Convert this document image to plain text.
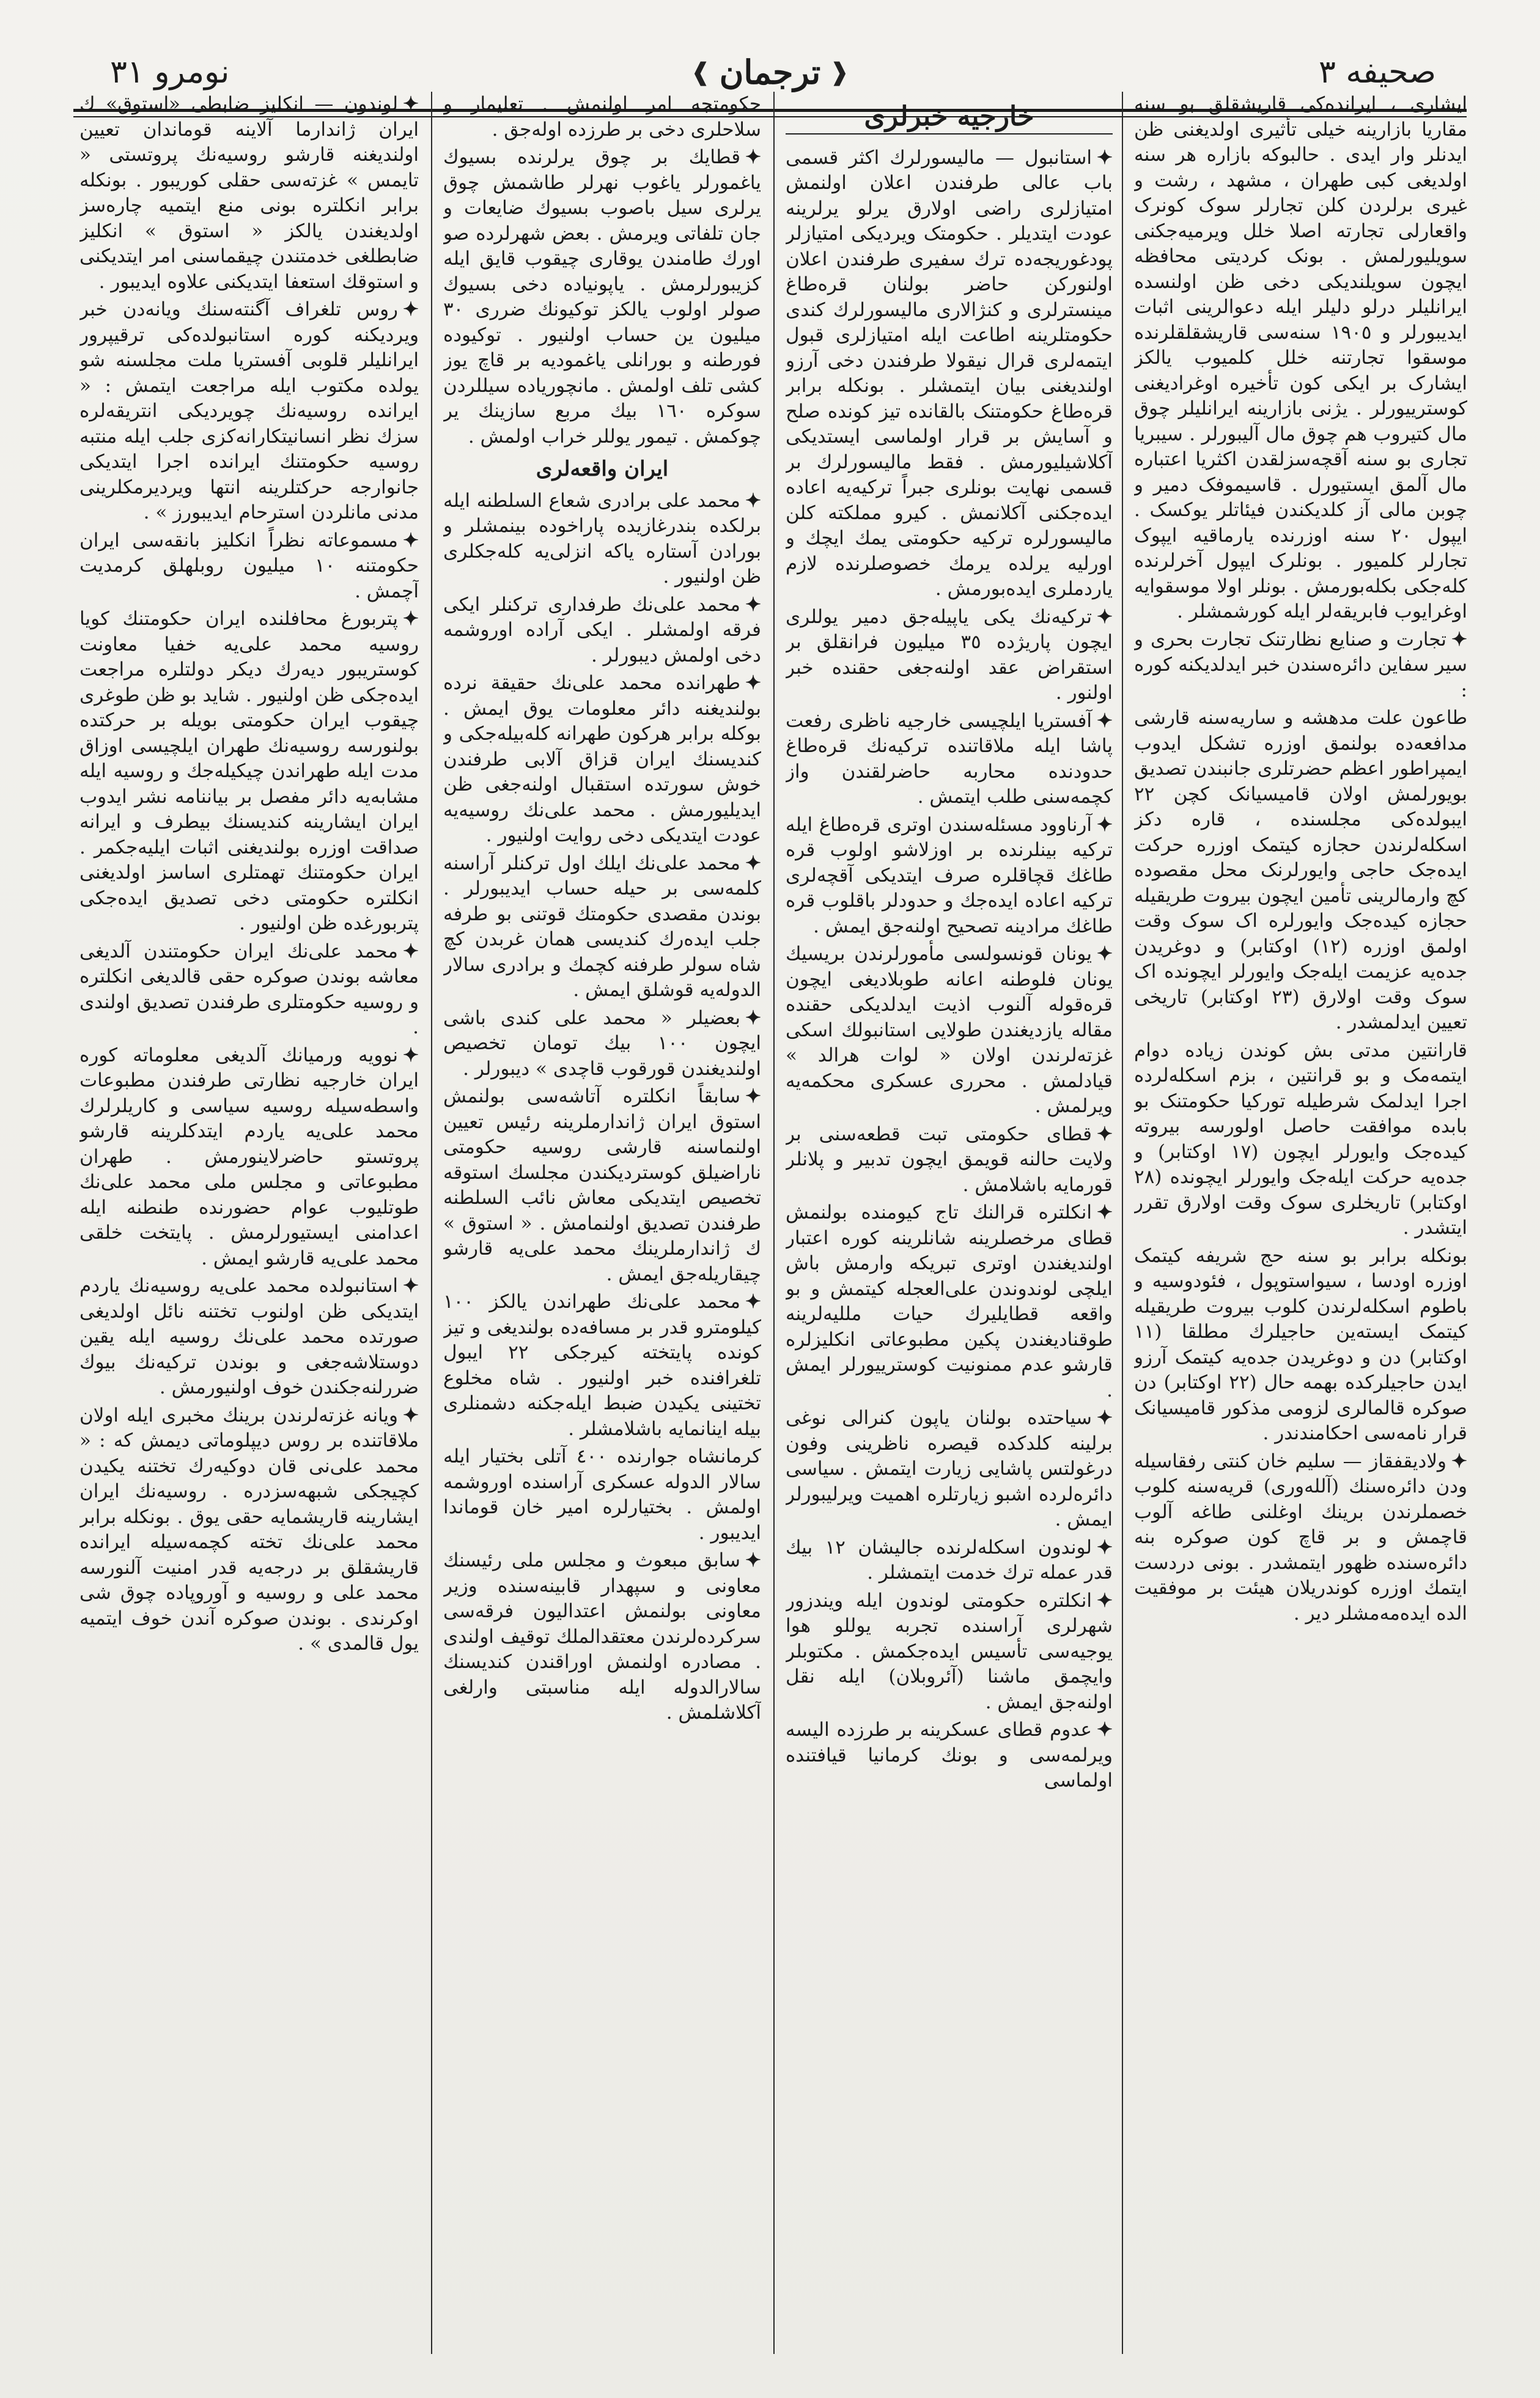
نومرو ٣١	❰ ترجمان ❱	صحیفه ٣

ایشاری ، ایرانده‌کی قاریشقلق بو سنه مقاریا بازارینه خیلی تأثیری اولدیغنی ظن ایدنلر وار ایدی . حالبوکه بازاره هر سنه اولدیغی کبی طهران ، مشهد ، رشت و غیری برلردن کلن تجارلر سوک کونرک واقعارلی تجارته اصلا خلل ویرمیه‌جکنی سویلیورلمش . بونک کردیتی محافظه ایچون سویلندیکی دخی ظن اولنسده ایرانلیلر درلو دلیلر ایله دعوالرینی اثبات ایدیبورلر و ١٩٠٥ سنه‌سی قاریشقلقلرنده موسقوا تجارتنه خلل کلمیوب یالکز ایشارک بر ایکی کون تأخیره اوغرادیغنی کوسترییورلر . یژنی بازارینه ایرانلیلر چوق مال کتیروب هم چوق مال آلیبورلر . سیبریا تجاری بو سنه آقچه‌سزلقدن اکثریا اعتباره مال آلمق ایستیورل . قاسیموفک دمیر و چوبن مالی آز کلدیکندن فیئاتلر یوکسک . ایپول ٢٠ سنه اوزرنده یارماقیه ایپوک تجارلر کلمیور . بونلرک ایپول آخرلرنده کله‌جکی بکله‌بورمش . بونلر اولا موسقوایه اوغرایوب فابریقه‌لر ایله کورشمشلر .

✦تجارت و صنایع نظارتنک تجارت بحری و سیر سفاین دائره‌سندن خبر ایدلدیکنه کوره :

طاعون علت مدهشه و ساریه‌سنه قارشی مدافعه‌ده بولنمق اوزره تشکل ایدوب ایمپراطور اعظم حضرتلری جانبندن تصدیق بویورلمش اولان قامیسیانک کچن ٢٢ ایبولده‌کی مجلسنده ، قاره دکز اسکله‌لرندن حجازه کیتمک اوزره حرکت ایده‌جک حاجی وایورلرنک محل مقصوده کچ وارمالرینی تأمین ایچون بیروت طریقیله حجازه کیده‌جک وایورلره اک سوک وقت اولمق اوزره (١٢) اوکتابر) و دوغریدن جده‌یه عزیمت ایله‌جک وایورلر ایچونده اک سوک وقت اولارق (٢٣ اوکتابر) تاریخی تعیین ایدلمشدر .

قارانتین مدتی بش کوندن زیاده دوام ایتمه‌مک و بو قرانتین ، بزم اسکله‌لرده اجرا ایدلمک شرطیله توركیا حکومتنک بو بابده موافقت حاصل اولورسه بیروته کیده‌جک وایورلر ایچون (١٧ اوکتابر) و جده‌یه حرکت ایله‌جک وایورلر ایچونده (٢٨ اوکتابر) تاریخلری سوک وقت اولارق تقرر ایتشدر .

بونکله برابر بو سنه حج شریفه کیتمک اوزره اودسا ، سیواستوپول ، فئودوسیه و باطوم اسکله‌لرندن کلوب بیروت طریقیله کیتمک ایستەین حاجیلرك مطلقا (١١ اوکتابر) دن و دوغریدن جده‌یه کیتمک آرزو ایدن حاجیلرکده بهمه حال (٢٢ اوکتابر) دن صوکره قالمالری لزومی مذکور قامیسیانک قرار نامه‌سی احکامندندر .

✦ولادیقفقاز — سلیم خان کنتی رفقاسیله ودن دائره‌سنك (آلله‌وری) قریه‌سنه کلوب خصملرندن برینك اوغلنی طاغه آلوب قاچمش و بر قاچ کون صوکره بنه دائره‌سنده ظهور ایتمشدر . بونی دردست ایتمك اوزره کوندریلان هیئت بر موفقیت الده ایده‌مه‌مشلر دیر .

خارجیه خبرلری

✦استانبول — مالیسورلرك اكثر قسمی باب عالی طرفندن اعلان اولنمش امتیازلری راضی اولارق یرلو یرلرینه عودت ایتدیلر . حکومتک ویردیکی امتیازلر پودغوریجه‌ده ترك سفیری طرفندن اعلان اولنورکن حاضر بولنان قره‌طاغ مینسترلری و کنژالاری مالیسورلرك کندی حکومتلرینه اطاعت ایله امتیازلری قبول ایتمه‌لری قرال نیقولا طرفندن دخی آرزو اولندیغنی بیان ایتمشلر . بونکله برابر قره‌طاغ حکومتنک بالقانده تیز کونده صلح و آسایش بر قرار اولماسی ایستدیکی آکلاشیلیورمش . فقط مالیسورلرك بر قسمی نهایت بونلری جبراً ترکیه‌یه اعاده ایدەجکنی آکلانمش . کیرو مملکته کلن مالیسورلره ترکیه حکومتی یمك ایچك و اورلیه یرلده یرمك خصوصلرنده لازم یاردملری ایده‌بورمش .

✦ترکیه‌نك یکی یاپیله‌جق دمیر یوللری ایچون پاریژده ٣٥ میلیون فرانقلق بر استقراض عقد اولنه‌جغی حقنده خبر اولنور .

✦آفستریا ایلچیسی خارجیه ناظری رفعت پاشا ایله ملاقاتنده ترکیه‌نك قره‌طاغ حدودنده محاربه حاضرلقندن واز کچمه‌سنی طلب ایتمش .

✦آرناوود مسئله‌سندن اوتری قره‌طاغ ایله ترکیه بینلرنده بر اوزلاشو اولوب قره طاغك قچاقلره صرف ایتدیکی آقچه‌لری ترکیه اعاده ایده‌جك و حدودلر باقلوب قره طاغك مرادینه تصحیح اولنه‌جق ایمش .

✦یونان قونسولسی مأمورلرندن بریسیك یونان فلوطنه اعانه طوبلادیغی ایچون قره‌قوله آلنوب اذیت ایدلدیکی حقنده مقاله یازدیغندن طولایی استانبولك اسکی غزته‌لرندن اولان « لوات هرالد » قیادلمش . محرری عسکری محکمه‌یه ویرلمش .

✦قطای حکومتی تبت قطعه‌سنی بر ولایت حالنه قویمق ایچون تدبیر و پلانلر قورمایه باشلامش .

✦انکلتره قرالنك تاج کیومنده بولنمش قطای مرخصلرینه شانلرینه کوره اعتبار اولندیغندن اوتری تبریکه وارمش باش ایلچی لوندوندن علی‌العجله کیتمش و بو واقعه قطایلیرك حیات مللیه‌لرینه طوقنادیغندن پکین مطبوعاتی انکلیزلره قارشو عدم ممنونیت کوسترییورلر ایمش .

✦سیاحتده بولنان یاپون کنرالی نوغی برلینه کلدکده قیصره ناظرینی وفون درغولتس پاشایی زیارت ایتمش . سیاسی دائره‌لرده اشبو زیارتلره اهمیت ویرلیبورلر ایمش .

✦لوندون اسکله‌لرنده جالیشان ١٢ بیك قدر عمله ترك خدمت ایتمشلر .

✦انکلتره حکومتی لوندون ایله ویندزور شهرلری آراسنده تجربه یوللو هوا یوجیه‌سی تأسیس ایده‌جکمش . مکتوبلر وایچمق ماشنا (آئروبلان) ایله نقل اولنه‌جق ایمش .

✦عدوم قطای عسکرینه بر طرزده الیسه ویرلمه‌سی و بونك کرمانیا قیافتنده اولماسی

حکومتجه امر اولنمش . تعلیمار و سلاحلری دخی بر طرزده اوله‌جق .

✦قطایك بر چوق یرلرنده بسیوك یاغمورلر یاغوب نهرلر طاشمش چوق یرلری سیل باصوب بسیوك ضایعات و جان تلفاتی ویرمش . بعض شهرلرده صو اورك طامندن یوقاری چیقوب قایق ایله کزیبورلرمش . یاپونیاده دخی بسیوك صولر اولوب یالکز توکیونك ضرری ٣٠ میلیون ین حساب اولنیور . توکیوده فورطنه و بورانلی یاغمودیه بر قاچ یوز کشی تلف اولمش . مانچوریاده سیللردن سوکره ١٦٠ بیك مربع سازینك یر چوکمش . تیمور یوللر خراب اولمش .

ایران واقعه‌لری

✦محمد علی برادری شعاع السلطنه ایله برلکده بندرغازیده پاراخوده بینمشلر و بورادن آستاره یاکه انزلی‌یه کله‌جکلری ظن اولنیور .

✦محمد علی‌نك طرفداری ترکنلر ایکی فرقه اولمشلر . ایکی آراده اوروشمه دخی اولمش دیبورلر .

✦طهرانده محمد علی‌نك حقیقة نرده بولندیغنه دائر معلومات یوق ایمش . بوکله برابر هرکون طهرانه کله‌بیله‌جکی و کندیسنك ایران قزاق آلابی طرفندن خوش سورتده استقبال اولنه‌جغی ظن ایدیلیورمش . محمد علی‌نك روسیه‌یه عودت ایتدیکی دخی روایت اولنیور .

✦محمد علی‌نك ایلك اول ترکنلر آراسنه کلمه‌سی بر حیله حساب ایدیبورلر . بوندن مقصدی حکومتك قوتنی بو طرفه جلب ایدەرك کندیسی همان غربدن کچ شاه سولر طرفنه کچمك و برادری سالار الدوله‌یه قوشلق ایمش .

✦بعضیلر « محمد علی کندی باشی ایچون ١٠٠ بیك تومان تخصیص اولندیغندن قورقوب قاچدی » دیبورلر .

✦سابقاً انکلتره آتاشه‌سی بولنمش استوق ایران ژاندارملرینه رئیس تعیین اولنماسنه قارشی روسیه حکومتی ناراضیلق کوسترد‌یکندن مجلسك استوقه تخصیص ایتدیکی معاش نائب السلطنه طرفندن تصدیق اولنمامش . « استوق » ك ژاندارملرینك محمد علی‌یه قارشو چیقاریله‌جق ایمش .

✦محمد علی‌نك طهراندن یالکز ١٠٠ کیلومترو قدر بر مسافه‌ده بولندیغی و تیز کونده پایتخته کیرجکی ٢٢ ایبول تلغرافنده خبر اولنیور . شاه مخلوع تختینی یکیدن ضبط ایله‌جکنه دشمنلری بیله اینانمایه باشلامشلر .

کرمانشاه جوارنده ٤٠٠ آتلی بختیار ایله سالار الدوله عسکری آراسنده اوروشمه اولمش . بختیارلره امیر خان قوماندا ایدیبور .

✦سابق مبعوث و مجلس ملی رئیسنك معاونی و سپهدار قابینه‌سنده وزیر معاونی بولنمش اعتدالیون فرقه‌سی سرکرده‌لرندن معتقد‌الملك توقیف اولندی . مصادره اولنمش اوراقندن کندیسنك سالارالدوله ایله مناسبتی وارلغی آکلاشلمش .

✦لوندون — انکلیز ضابطی «استوق» ك ایران ژاندارما آلاینه قوماندان تعیین اولندیغنه قارشو روسیه‌نك پروتستی « تایمس » غزته‌سی حقلی کوریبور . بونکله برابر انکلتره بونی منع ایتمیه چاره‌سز اولدیغندن یالکز « استوق » انکلیز ضابطلغی خدمتندن چیقماسنی امر ایتدیکنی و استوقك استعفا ایتدیکنی علاوه ایدیبور .

✦روس تلغراف آگنته‌سنك ویانه‌دن خبر ویردیکنه کوره استانبولده‌کی ترقیپرور ایرانلیلر قلوبی آفستریا ملت مجلسنه شو یولده مکتوب ایله مراجعت ایتمش : « ایرانده روسیه‌نك چویردیکی انتریقه‌لره سزك نظر انسانیتکارانه‌کزی جلب ایله منتبه روسیه حکومتنك ایرانده اجرا ایتدیکی جانوارجه حرکتلرینه انتها ویردیرمکلرینی مدنی مانلردن استرحام ایدیبورز » .

✦مسموعاته نظراً انکلیز بانقه‌سی ایران حکومتنه ١٠ میلیون روبلهلق کرمدیت آچمش .

✦پتربورغ محافلنده ایران حکومتنك کویا روسیه محمد علی‌یه خفیا معاونت کوستریبور دیەرك دیکر دولتلره مراجعت ایده‌جکی ظن اولنیور . شاید بو ظن طوغری چیقوب ایران حکومتی بویله بر حرکتده بولنورسه روسیه‌نك طهران ایلچیسی اوزاق مدت ایله طهراندن چیکیله‌جك و روسیه ایله مشابه‌یه دائر مفصل بر بیاننامه نشر ایدوب ایران ایشارینه کندیسنك بیطرف و ایرانه صداقت اوزره بولندیغنی اثبات ایلیه‌جکمر . ایران حکومتنك تهمتلری اساسز اولدیغنی انکلتره حکومتی دخی تصدیق ایده‌جکی پتربورغده ظن اولنیور .

✦محمد علی‌نك ایران حکومتندن آلدیغی معاشه بوندن صوکره حقی قالدیغی انکلتره و روسیه حکومتلری طرفندن تصدیق اولندی .

✦نوویه ورمیانك آلدیغی معلوماته کوره ایران خارجیه نظارتی طرفندن مطبوعات واسطه‌سیله روسیه سیاسی و کاریلرلرك محمد علی‌یه یاردم ایتدکلرینه قارشو پروتستو حاضرلاینورمش . طهران مطبوعاتی و مجلس ملی محمد علی‌نك طوتلیوب عوام حضورنده طنطنه ایله اعدامنی ایستیورلرمش . پایتخت خلقی محمد علی‌یه قارشو ایمش .

✦استانبولده محمد علی‌یه روسیه‌نك یاردم ایتدیکی ظن اولنوب تختنه نائل اولدیغی صورتده محمد علی‌نك روسیه ایله یقین دوستلاشه‌جغی و بوندن ترکیه‌نك بیوك ضررلنه‌جکندن خوف اولنیورمش .

✦ویانه غزته‌لرندن برینك مخبری ایله اولان ملاقاتنده بر روس دیپلوماتی دیمش که : « محمد علی‌نی قان دوکیه‌رك تختنه یکیدن کچیجکی شبهه‌سزدره . روسیه‌نك ایران ایشارینه قاریشمایه حقی یوق . بونکله برابر محمد علی‌نك تخته کچمه‌سیله ایرانده قاریشقلق بر درجه‌یه قدر امنیت آلنورسه محمد علی و روسیه و آوروپاده چوق شی اوکرندی . بوندن صوکره آندن خوف ایتمیه یول قالمدی » .
